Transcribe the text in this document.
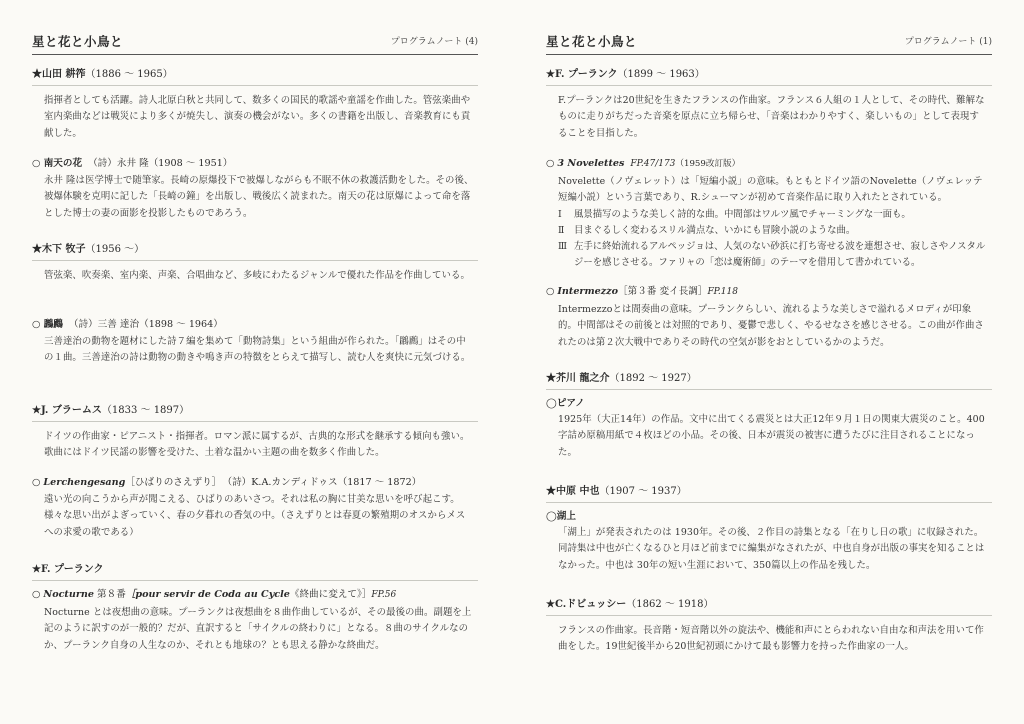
星と花と小鳥と	プログラムノート (4)
★山田 耕筰（1886 ～ 1965）
指揮者としても活躍。詩人北原白秋と共同して、数多くの国民的歌謡や童謡を作曲した。管弦楽曲や室内楽曲などは戦災により多くが焼失し、演奏の機会がない。多くの書籍を出版し、音楽教育にも貢献した。
○ 南天の花 （詩）永井 隆（1908 ～ 1951）
永井 隆は医学博士で随筆家。長崎の原爆投下で被爆しながらも不眠不休の救護活動をした。その後、被爆体験を克明に記した「長崎の鐘」を出版し、戦後広く読まれた。南天の花は原爆によって命を落とした博士の妻の面影を投影したものであろう。
★木下 牧子（1956 ～）
管弦楽、吹奏楽、室内楽、声楽、合唱曲など、多岐にわたるジャンルで優れた作品を作曲している。
○ 鸊鷉 （詩）三善 達治（1898 ～ 1964）
三善達治の動物を題材にした詩７編を集めて「動物詩集」という組曲が作られた。「鸊鷉」はその中の１曲。三善達治の詩は動物の動きや鳴き声の特徴をとらえて描写し、読む人を爽快に元気づける。
★J. ブラームス（1833 ～ 1897）
ドイツの作曲家・ピアニスト・指揮者。ロマン派に属するが、古典的な形式を継承する傾向も強い。歌曲にはドイツ民謡の影響を受けた、土着な温かい主題の曲を数多く作曲した。
○ Lerchengesang［ひばりのさえずり］ （詩）K.A.カンディドゥス（1817 ～ 1872）
遠い光の向こうから声が聞こえる、ひばりのあいさつ。それは私の胸に甘美な思いを呼び起こす。様々な思い出がよぎっていく、春の夕暮れの香気の中。（さえずりとは春夏の繁殖期のオスからメスへの求愛の歌である）
★F. プーランク
○ Nocturne 第８番［pour servir de Coda au Cycle《終曲に変えて》］FP.56
Nocturne とは夜想曲の意味。プーランクは夜想曲を８曲作曲しているが、その最後の曲。副題を上記のように訳すのが一般的？だが、直訳すると「サイクルの終わりに」となる。８曲のサイクルなのか、プーランク自身の人生なのか、それとも地球の？とも思える静かな終曲だ。
星と花と小鳥と	プログラムノート (1)
★F. プーランク（1899 ～ 1963）
F.プーランクは20世紀を生きたフランスの作曲家。フランス６人組の１人として、その時代、難解なものに走りがちだった音楽を原点に立ち帰らせ、「音楽はわかりやすく、楽しいもの」として表現することを目指した。
○ 3 Novelettes FP.47/173（1959改訂版）
Novelette（ノヴェレット）は「短編小説」の意味。もともとドイツ語のNovelette（ノヴェレッテ 短編小説）という言葉であり、R.シューマンが初めて音楽作品に取り入れたとされている。
Ⅰ	風景描写のような美しく詩的な曲。中間部はワルツ風でチャーミングな一面も。
Ⅱ	目まぐるしく変わるスリル満点な、いかにも冒険小説のような曲。
Ⅲ 左手に終始流れるアルペッジョは、人気のない砂浜に打ち寄せる波を連想させ、寂しさやノスタルジーを感じさせる。ファリャの「恋は魔術師」のテーマを借用して書かれている。
○ Intermezzo［第３番 変イ長調］FP.118
Intermezzoとは間奏曲の意味。プーランクらしい、流れるような美しさで溢れるメロディが印象的。中間部はその前後とは対照的であり、憂鬱で悲しく、やるせなさを感じさせる。この曲が作曲されたのは第２次大戦中でありその時代の空気が影をおとしているかのようだ。
★芥川 龍之介（1892 ～ 1927）
◯ピアノ
1925年（大正14年）の作品。文中に出てくる震災とは大正12年９月１日の関東大震災のこと。400字詰め原稿用紙で４枚ほどの小品。その後、日本が震災の被害に遭うたびに注目されることになった。
★中原 中也（1907 ～ 1937）
◯湖上
「湖上」が発表されたのは 1930年。その後、２作目の詩集となる「在りし日の歌」に収録された。同詩集は中也が亡くなるひと月ほど前までに編集がなされたが、中也自身が出版の事実を知ることはなかった。中也は 30年の短い生涯において、350篇以上の作品を残した。
★C.ドビュッシー（1862 ～ 1918）
フランスの作曲家。長音階・短音階以外の旋法や、機能和声にとらわれない自由な和声法を用いて作曲をした。19世紀後半から20世紀初頭にかけて最も影響力を持った作曲家の一人。
